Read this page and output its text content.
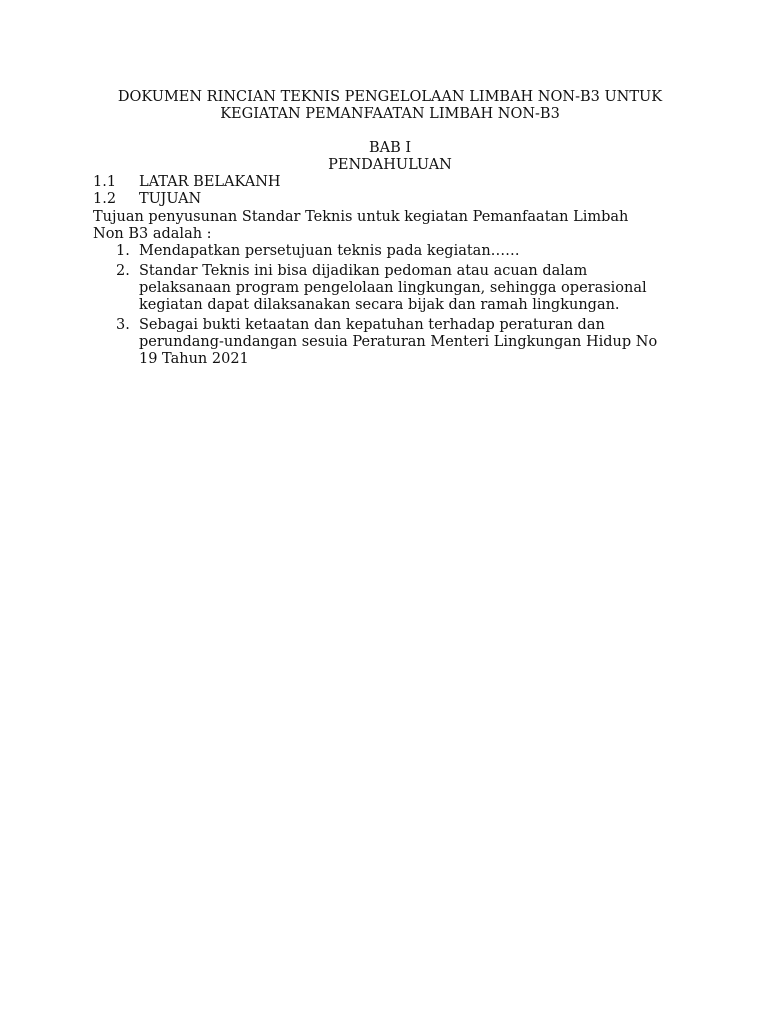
DOKUMEN RINCIAN TEKNIS PENGELOLAAN LIMBAH NON-B3 UNTUK
KEGIATAN PEMANFAATAN LIMBAH NON-B3
BAB I
PENDAHULUAN
1.1 LATAR BELAKANH
1.2 TUJUAN
Tujuan penyusunan Standar Teknis untuk kegiatan Pemanfaatan Limbah
Non B3 adalah :
1. Mendapatkan persetujuan teknis pada kegiatan……
2. Standar Teknis ini bisa dijadikan pedoman atau acuan dalam
pelaksanaan program pengelolaan lingkungan, sehingga operasional
kegiatan dapat dilaksanakan secara bijak dan ramah lingkungan.
3. Sebagai bukti ketaatan dan kepatuhan terhadap peraturan dan
perundang-undangan sesuia Peraturan Menteri Lingkungan Hidup No
19 Tahun 2021
